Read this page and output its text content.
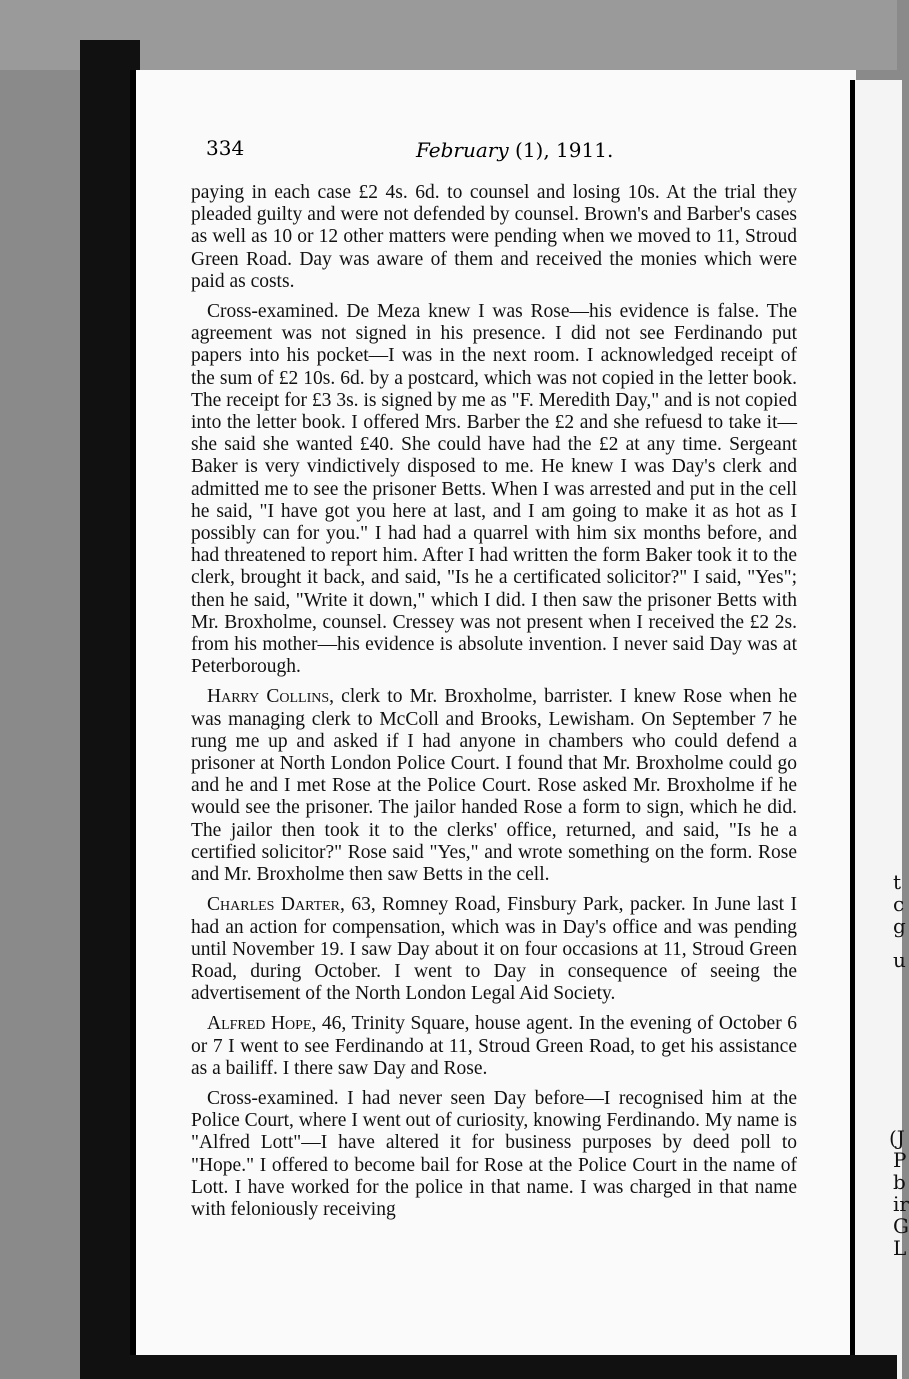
334	February (1), 1911.

paying in each case £2 4s. 6d. to counsel and losing 10s. At the trial they pleaded guilty and were not defended by counsel. Brown's and Barber's cases as well as 10 or 12 other matters were pending when we moved to 11, Stroud Green Road. Day was aware of them and received the monies which were paid as costs.

Cross-examined. De Meza knew I was Rose—his evidence is false. The agreement was not signed in his presence. I did not see Ferdinando put papers into his pocket—I was in the next room. I acknowledged receipt of the sum of £2 10s. 6d. by a postcard, which was not copied in the letter book. The receipt for £3 3s. is signed by me as "F. Meredith Day," and is not copied into the letter book. I offered Mrs. Barber the £2 and she refuesd to take it—she said she wanted £40. She could have had the £2 at any time. Sergeant Baker is very vindictively disposed to me. He knew I was Day's clerk and admitted me to see the prisoner Betts. When I was arrested and put in the cell he said, "I have got you here at last, and I am going to make it as hot as I possibly can for you." I had had a quarrel with him six months before, and had threatened to report him. After I had written the form Baker took it to the clerk, brought it back, and said, "Is he a certificated solicitor?" I said, "Yes"; then he said, "Write it down," which I did. I then saw the prisoner Betts with Mr. Broxholme, counsel. Cressey was not present when I received the £2 2s. from his mother—his evidence is absolute invention. I never said Day was at Peterborough.

Harry Collins, clerk to Mr. Broxholme, barrister. I knew Rose when he was managing clerk to McColl and Brooks, Lewisham. On September 7 he rung me up and asked if I had anyone in chambers who could defend a prisoner at North London Police Court. I found that Mr. Broxholme could go and he and I met Rose at the Police Court. Rose asked Mr. Broxholme if he would see the prisoner. The jailor handed Rose a form to sign, which he did. The jailor then took it to the clerks' office, returned, and said, "Is he a certified solicitor?" Rose said "Yes," and wrote something on the form. Rose and Mr. Broxholme then saw Betts in the cell.

Charles Darter, 63, Romney Road, Finsbury Park, packer. In June last I had an action for compensation, which was in Day's office and was pending until November 19. I saw Day about it on four occasions at 11, Stroud Green Road, during October. I went to Day in consequence of seeing the advertisement of the North London Legal Aid Society.

Alfred Hope, 46, Trinity Square, house agent. In the evening of October 6 or 7 I went to see Ferdinando at 11, Stroud Green Road, to get his assistance as a bailiff. I there saw Day and Rose.

Cross-examined. I had never seen Day before—I recognised him at the Police Court, where I went out of curiosity, knowing Ferdinando. My name is "Alfred Lott"—I have altered it for business purposes by deed poll to "Hope." I offered to become bail for Rose at the Police Court in the name of Lott. I have worked for the police in that name. I was charged in that name with feloniously receiving

t
c
g
u
(J
P
b
ir
G
L
